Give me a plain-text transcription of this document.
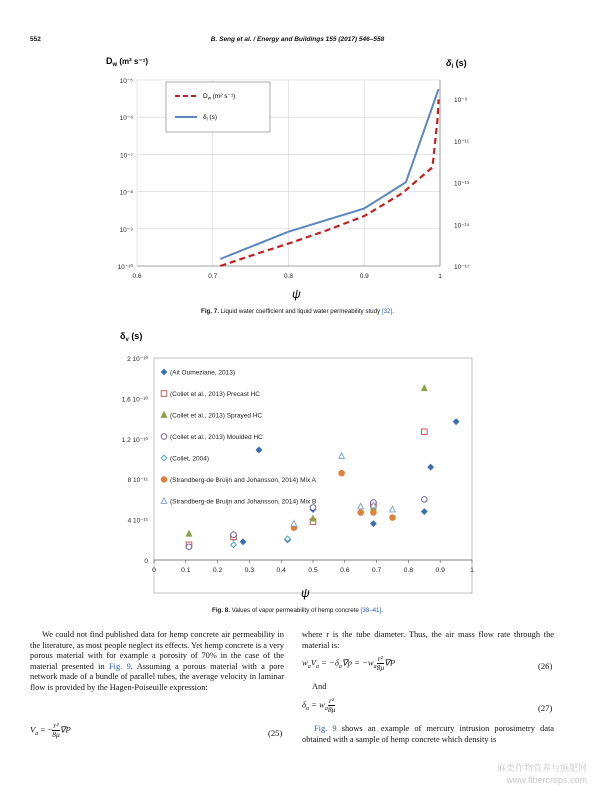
552	B. Seng et al. / Energy and Buildings 155 (2017) 546–558
$D_w$ (m² s⁻¹)	$\delta_l$ (s)
ψ
10⁻⁵
10⁻⁶
10⁻⁷
10⁻⁸
10⁻⁹
10⁻¹⁰
10⁻⁹
10⁻¹¹
10⁻¹³
10⁻¹⁵
10⁻¹⁷
0.6	0.7	0.8	0.9	1
$D_w$ (m² s⁻¹)
$\delta_l$ (s)
Fig. 7. Liquid water coefficient and liquid water permeability study [32].
$\delta_v$ (s)
ψ
2 10⁻¹⁰
1.6 10⁻¹⁰
1.2 10⁻¹⁰
8 10⁻¹¹
4 10⁻¹¹
0
0	0.1	0.2	0.3	0.4	0.5	0.6	0.7	0.8	0.9	1
(Ait Oumeziane, 2013)
(Collet et al., 2013) Precast HC
(Collet et al., 2013) Sprayed HC
(Collet et al., 2013) Moulded HC
(Collet, 2004)
(Strandberg-de Bruijn and Johansson, 2014) Mix A
(Strandberg-de Bruijn and Johansson, 2014) Mix B
Fig. 8. Values of vapor permeability of hemp concrete [38–41].

We could not find published data for hemp concrete air permeability in the literature, as most people neglect its effects. Yet hemp concrete is a very porous material with for example a porosity of 70% in the case of the material presented in Fig. 9. Assuming a porous material with a pore network made of a bundle of parallel tubes, the average velocity in laminar flow is provided by the Hagen-Poiseuille expression:

$V_a$ = − $\frac{\text{r²}}{8\mu} \nabla P$	(25)

where r is the tube diameter. Thus, the air mass flow rate through the material is:

$w_aV_a = -\delta_a\nabla p = -w_a \frac{\text{r²}}{8\mu} \nabla P$	(26)
And
$\delta_a = w_a \frac{\text{r²}}{8\mu}$	(27)

Fig. 9 shows an example of mercury intrusion porosimetry data obtained with a sample of hemp concrete which density is

麻类作物营养与施肥网
www.fibercrops.com
